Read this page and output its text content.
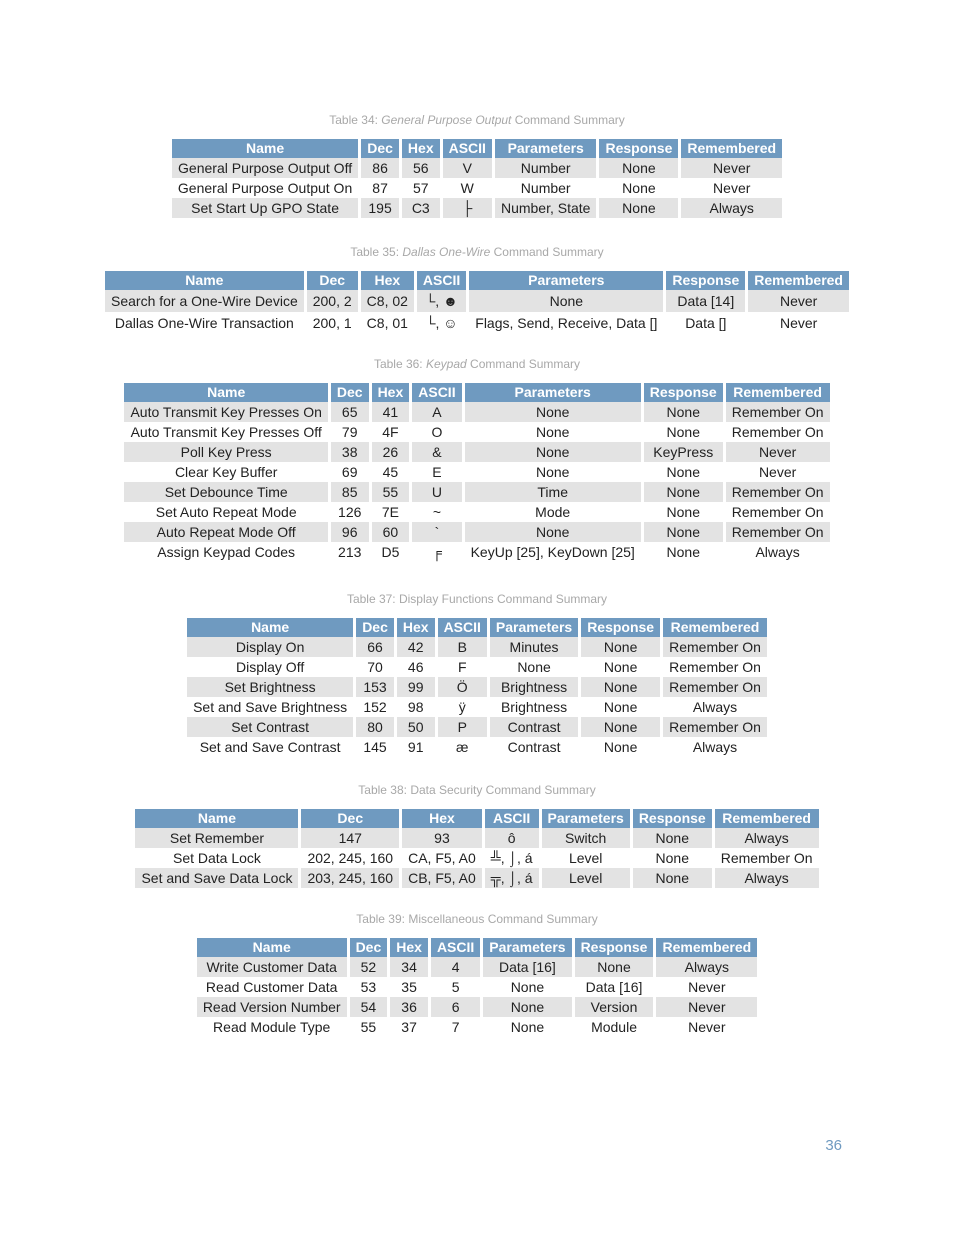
Table 34: General Purpose Output Command Summary
Name	Dec	Hex	ASCII	Parameters	Response	Remembered
General Purpose Output Off	86	56	V	Number	None	Never
General Purpose Output On	87	57	W	Number	None	Never
Set Start Up GPO State	195	C3	├	Number, State	None	Always
Table 35: Dallas One-Wire Command Summary
Name	Dec	Hex	ASCII	Parameters	Response	Remembered
Search for a One-Wire Device	200, 2	C8, 02	└, ☻	None	Data [14]	Never
Dallas One-Wire Transaction	200, 1	C8, 01	└, ☺	Flags, Send, Receive, Data []	Data []	Never
Table 36: Keypad Command Summary
Name	Dec	Hex	ASCII	Parameters	Response	Remembered
Auto Transmit Key Presses On	65	41	A	None	None	Remember On
Auto Transmit Key Presses Off	79	4F	O	None	None	Remember On
Poll Key Press	38	26	&	None	KeyPress	Never
Clear Key Buffer	69	45	E	None	None	Never
Set Debounce Time	85	55	U	Time	None	Remember On
Set Auto Repeat Mode	126	7E	~	Mode	None	Remember On
Auto Repeat Mode Off	96	60	`	None	None	Remember On
Assign Keypad Codes	213	D5	╒	KeyUp [25], KeyDown [25]	None	Always
Table 37: Display Functions Command Summary
Name	Dec	Hex	ASCII	Parameters	Response	Remembered
Display On	66	42	B	Minutes	None	Remember On
Display Off	70	46	F	None	None	Remember On
Set Brightness	153	99	Ö	Brightness	None	Remember On
Set and Save Brightness	152	98	ÿ	Brightness	None	Always
Set Contrast	80	50	P	Contrast	None	Remember On
Set and Save Contrast	145	91	æ	Contrast	None	Always
Table 38: Data Security Command Summary
Name	Dec	Hex	ASCII	Parameters	Response	Remembered
Set Remember	147	93	ô	Switch	None	Always
Set Data Lock	202, 245, 160	CA, F5, A0	╩, ⌡, á	Level	None	Remember On
Set and Save Data Lock	203, 245, 160	CB, F5, A0	╦, ⌡, á	Level	None	Always
Table 39: Miscellaneous Command Summary
Name	Dec	Hex	ASCII	Parameters	Response	Remembered
Write Customer Data	52	34	4	Data [16]	None	Always
Read Customer Data	53	35	5	None	Data [16]	Never
Read Version Number	54	36	6	None	Version	Never
Read Module Type	55	37	7	None	Module	Never
36
